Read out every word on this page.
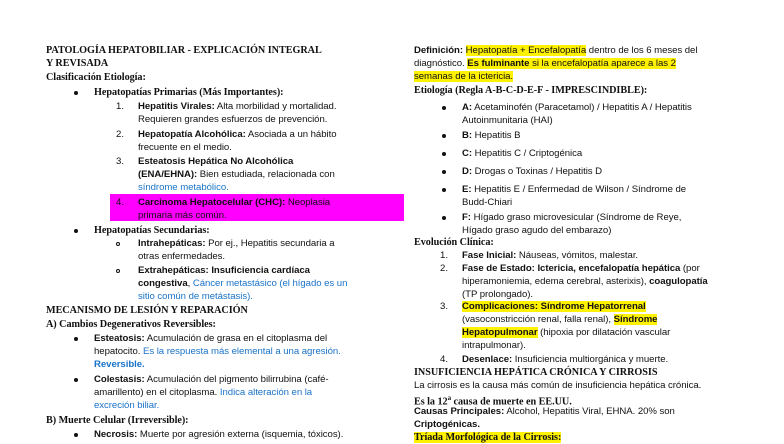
PATOLOGÍA HEPATOBILIAR - EXPLICACIÓN INTEGRAL
Y REVISADA
Clasificación Etiología:
Hepatopatías Primarias (Más Importantes):
1. Hepatitis Virales: Alta morbilidad y mortalidad.
Requieren grandes esfuerzos de prevención.
2. Hepatopatía Alcohólica: Asociada a un hábito
frecuente en el medio.
3. Esteatosis Hepática No Alcohólica
(ENA/EHNA): Bien estudiada, relacionada con
síndrome metabólico.
4. Carcinoma Hepatocelular (CHC): Neoplasia
primaria más común.
Hepatopatías Secundarias:
Intrahepáticas: Por ej., Hepatitis secundaria a
otras enfermedades.
Extrahepáticas: Insuficiencia cardíaca
congestiva, Cáncer metastásico (el hígado es un
sitio común de metástasis).
MECANISMO DE LESIÓN Y REPARACIÓN
A) Cambios Degenerativos Reversibles:
Esteatosis: Acumulación de grasa en el citoplasma del
hepatocito. Es la respuesta más elemental a una agresión.
Reversible.
Colestasis: Acumulación del pigmento bilirrubina (café-
amarillento) en el citoplasma. Indica alteración en la
excreción biliar.
B) Muerte Celular (Irreversible):
Necrosis: Muerte por agresión externa (isquemia, tóxicos).
Definición: Hepatopatía + Encefalopatía dentro de los 6 meses del
diagnóstico. Es fulminante si la encefalopatía aparece a las 2
semanas de la ictericia.
Etiología (Regla A-B-C-D-E-F - IMPRESCINDIBLE):
A: Acetaminofén (Paracetamol) / Hepatitis A / Hepatitis
Autoinmunitaria (HAI)
B: Hepatitis B
C: Hepatitis C / Criptogénica
D: Drogas o Toxinas / Hepatitis D
E: Hepatitis E / Enfermedad de Wilson / Síndrome de
Budd-Chiari
F: Hígado graso microvesicular (Síndrome de Reye,
Hígado graso agudo del embarazo)
Evolución Clínica:
1. Fase Inicial: Náuseas, vómitos, malestar.
2. Fase de Estado: Ictericia, encefalopatía hepática (por
hiperamoniemia, edema cerebral, asterixis), coagulopatía
(TP prolongado).
3. Complicaciones: Síndrome Hepatorrenal
(vasoconstricción renal, falla renal), Síndrome
Hepatopulmonar (hipoxia por dilatación vascular
intrapulmonar).
4. Desenlace: Insuficiencia multiorgánica y muerte.
INSUFICIENCIA HEPÁTICA CRÓNICA Y CIRROSIS
La cirrosis es la causa más común de insuficiencia hepática crónica.
Es la 12$^a$ causa de muerte en EE.UU.
Causas Principales: Alcohol, Hepatitis Viral, EHNA. 20% son
Criptogénicas.
Tríada Morfológica de la Cirrosis:
